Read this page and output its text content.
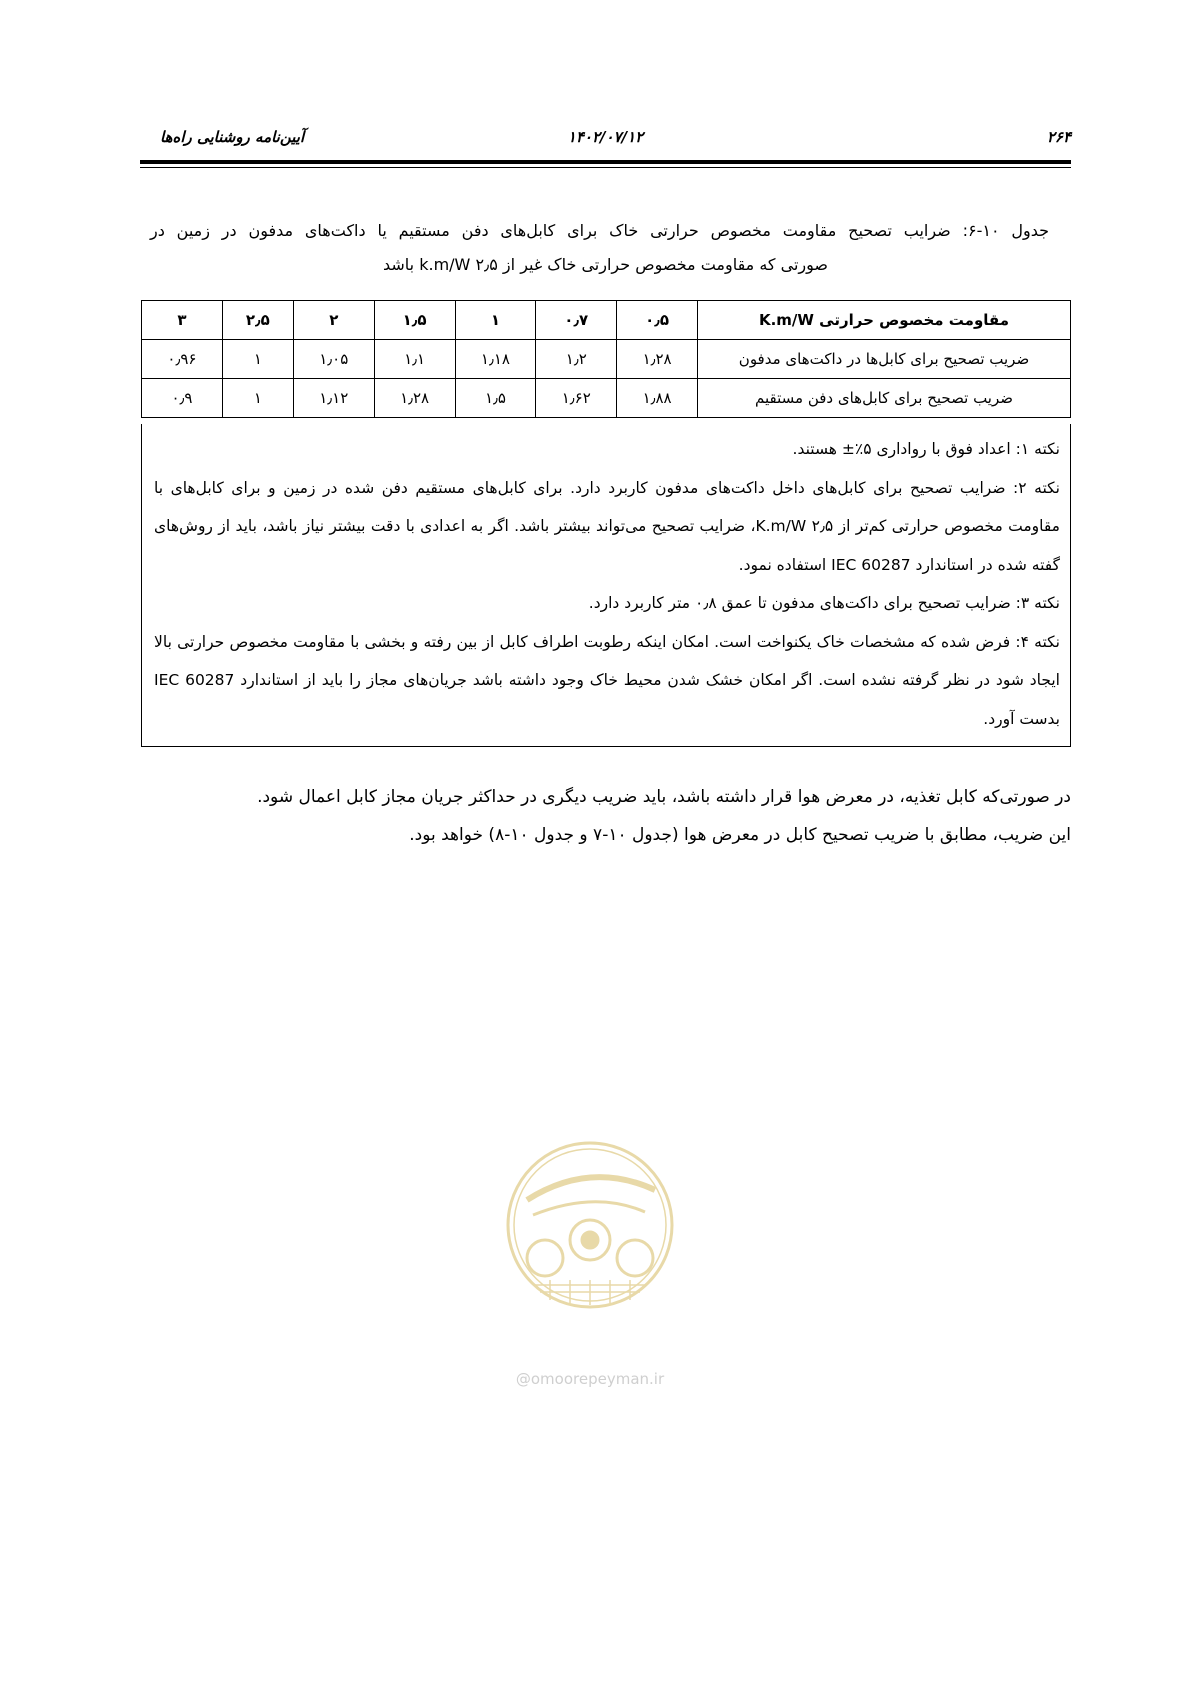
۲۶۴
۱۴۰۲/۰۷/۱۲
آیین‌نامه روشنایی راه‌ها
جدول ۱۰-۶: ضرایب تصحیح مقاومت مخصوص حرارتی خاک برای کابل‌های دفن مستقیم یا داکت‌های مدفون در زمین در
صورتی که مقاومت مخصوص حرارتی خاک غیر از k.m/W ۲٫۵ باشد
مقاومت مخصوص حرارتی K.m/W	۰٫۵	۰٫۷	۱	۱٫۵	۲	۲٫۵	۳
ضریب تصحیح برای کابل‌ها در داکت‌های مدفون	۱٫۲۸	۱٫۲	۱٫۱۸	۱٫۱	۱٫۰۵	۱	۰٫۹۶
ضریب تصحیح برای کابل‌های دفن مستقیم	۱٫۸۸	۱٫۶۲	۱٫۵	۱٫۲۸	۱٫۱۲	۱	۰٫۹

نکته ۱: اعداد فوق با رواداری ۵٪± هستند.

نکته ۲: ضرایب تصحیح برای کابل‌های داخل داکت‌های مدفون کاربرد دارد. برای کابل‌های مستقیم دفن شده در زمین و برای کابل‌های با مقاومت مخصوص حرارتی کم‌تر از K.m/W ۲٫۵، ضرایب تصحیح می‌تواند بیشتر باشد. اگر به اعدادی با دقت بیشتر نیاز باشد، باید از روش‌های گفته شده در استاندارد IEC 60287 استفاده نمود.

نکته ۳: ضرایب تصحیح برای داکت‌های مدفون تا عمق ۰٫۸ متر کاربرد دارد.

نکته ۴: فرض شده که مشخصات خاک یکنواخت است. امکان اینکه رطوبت اطراف کابل از بین رفته و بخشی با مقاومت مخصوص حرارتی بالا ایجاد شود در نظر گرفته نشده است. اگر امکان خشک شدن محیط خاک وجود داشته باشد جریان‌های مجاز را باید از استاندارد IEC 60287 بدست آورد.

در صورتی‌که کابل تغذیه، در معرض هوا قرار داشته باشد، باید ضریب دیگری در حداکثر جریان مجاز کابل اعمال شود.

این ضریب، مطابق با ضریب تصحیح کابل در معرض هوا (جدول ۱۰-۷ و جدول ۱۰-۸) خواهد بود.

@omoorepeyman.ir
